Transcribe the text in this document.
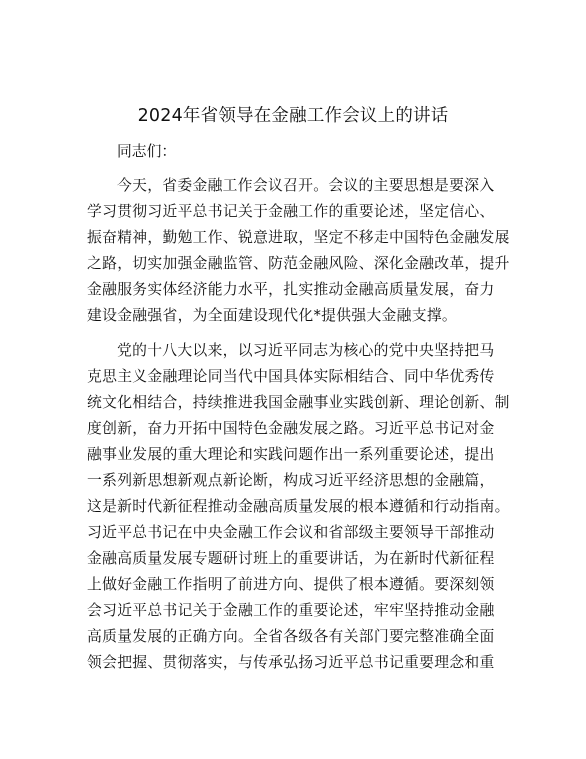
2024年省领导在金融工作会议上的讲话
同志们：
今天，省委金融工作会议召开。会议的主要思想是要深入
学习贯彻习近平总书记关于金融工作的重要论述，坚定信心、
振奋精神，勤勉工作、锐意进取，坚定不移走中国特色金融发展
之路，切实加强金融监管、防范金融风险、深化金融改革，提升
金融服务实体经济能力水平，扎实推动金融高质量发展，奋力
建设金融强省，为全面建设现代化*提供强大金融支撑。
党的十八大以来，以习近平同志为核心的党中央坚持把马
克思主义金融理论同当代中国具体实际相结合、同中华优秀传
统文化相结合，持续推进我国金融事业实践创新、理论创新、制
度创新，奋力开拓中国特色金融发展之路。习近平总书记对金
融事业发展的重大理论和实践问题作出一系列重要论述，提出
一系列新思想新观点新论断，构成习近平经济思想的金融篇，
这是新时代新征程推动金融高质量发展的根本遵循和行动指南。
习近平总书记在中央金融工作会议和省部级主要领导干部推动
金融高质量发展专题研讨班上的重要讲话，为在新时代新征程
上做好金融工作指明了前进方向、提供了根本遵循。要深刻领
会习近平总书记关于金融工作的重要论述，牢牢坚持推动金融
高质量发展的正确方向。全省各级各有关部门要完整准确全面
领会把握、贯彻落实，与传承弘扬习近平总书记重要理念和重
